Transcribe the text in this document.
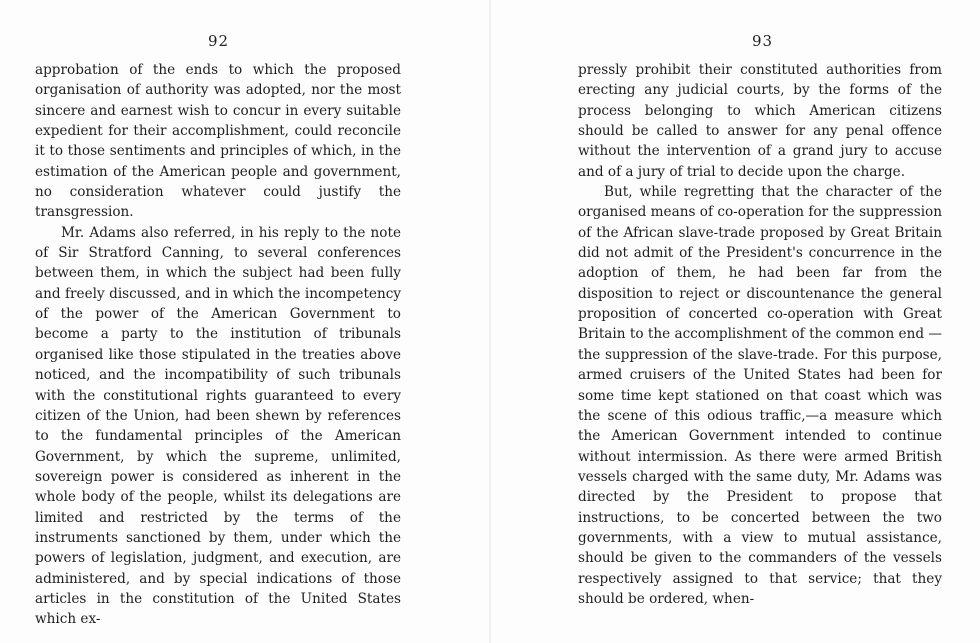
92

approbation of the ends to which the proposed organisation of authority was adopted, nor the most sincere and earnest wish to concur in every suitable expedient for their accomplishment, could reconcile it to those sentiments and principles of which, in the estimation of the American people and government, no consideration whatever could justify the transgression.

Mr. Adams also referred, in his reply to the note of Sir Stratford Canning, to several conferences between them, in which the subject had been fully and freely discussed, and in which the incompetency of the power of the American Government to become a party to the institution of tribunals organised like those stipulated in the treaties above noticed, and the incompatibility of such tribunals with the constitutional rights guaranteed to every citizen of the Union, had been shewn by references to the fundamental principles of the American Government, by which the supreme, unlimited, sovereign power is considered as inherent in the whole body of the people, whilst its delegations are limited and restricted by the terms of the instruments sanctioned by them, under which the powers of legislation, judgment, and execution, are administered, and by special indications of those articles in the constitution of the United States which ex-

93

pressly prohibit their constituted authorities from erecting any judicial courts, by the forms of the process belonging to which American citizens should be called to answer for any penal offence without the intervention of a grand jury to accuse and of a jury of trial to decide upon the charge.

But, while regretting that the character of the organised means of co-operation for the suppression of the African slave-trade proposed by Great Britain did not admit of the President's concurrence in the adoption of them, he had been far from the disposition to reject or discountenance the general proposition of concerted co-operation with Great Britain to the accomplishment of the common end — the suppression of the slave-trade. For this purpose, armed cruisers of the United States had been for some time kept stationed on that coast which was the scene of this odious traffic,—a measure which the American Government intended to continue without intermission. As there were armed British vessels charged with the same duty, Mr. Adams was directed by the President to propose that instructions, to be concerted between the two governments, with a view to mutual assistance, should be given to the commanders of the vessels respectively assigned to that service; that they should be ordered, when-
